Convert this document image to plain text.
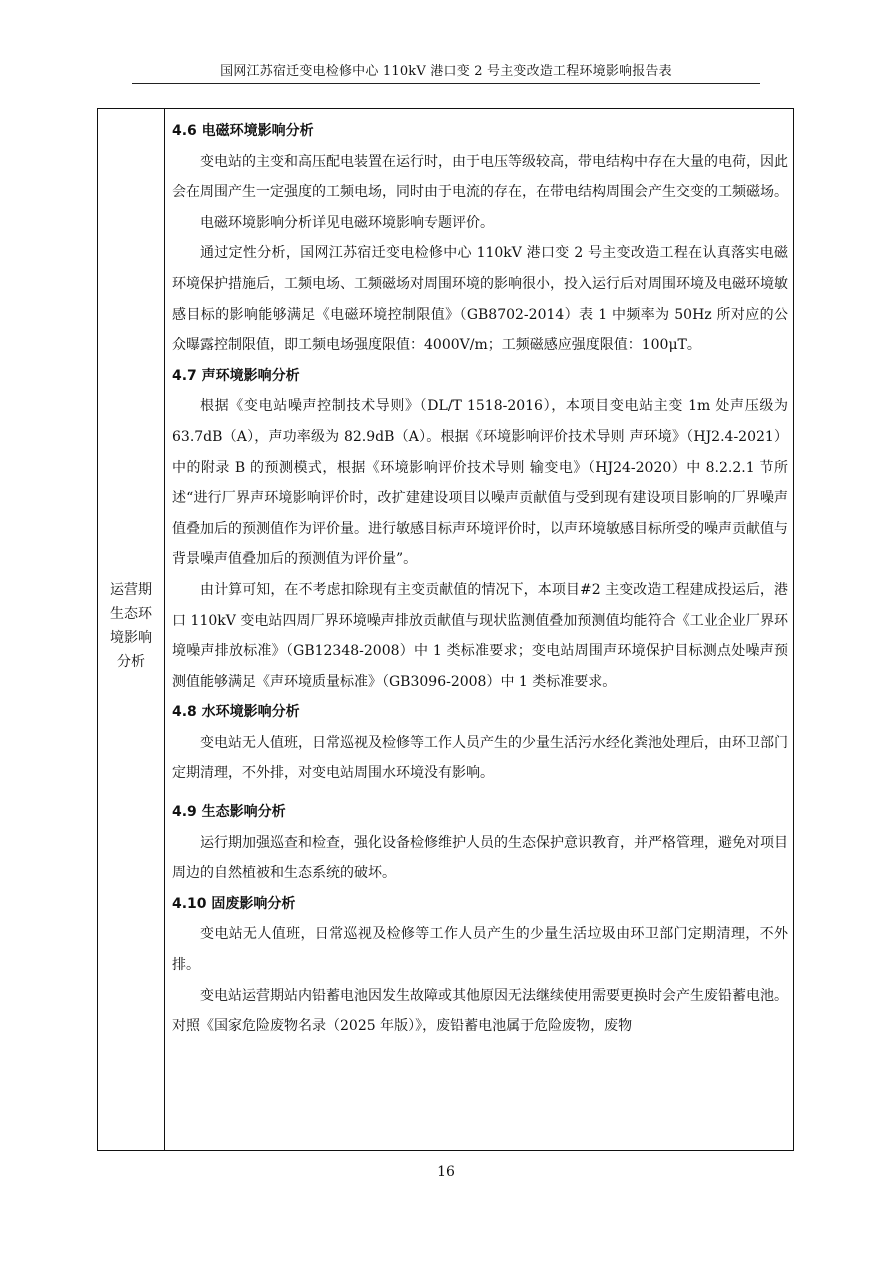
国网江苏宿迁变电检修中心 110kV 港口变 2 号主变改造工程环境影响报告表
运营期
生态环
境影响
分析
4.6 电磁环境影响分析

变电站的主变和高压配电装置在运行时，由于电压等级较高，带电结构中存在大量的电荷，因此会在周围产生一定强度的工频电场，同时由于电流的存在，在带电结构周围会产生交变的工频磁场。

电磁环境影响分析详见电磁环境影响专题评价。

通过定性分析，国网江苏宿迁变电检修中心 110kV 港口变 2 号主变改造工程在认真落实电磁环境保护措施后，工频电场、工频磁场对周围环境的影响很小，投入运行后对周围环境及电磁环境敏感目标的影响能够满足《电磁环境控制限值》（GB8702-2014）表 1 中频率为 50Hz 所对应的公众曝露控制限值，即工频电场强度限值：4000V/m；工频磁感应强度限值：100μT。

4.7 声环境影响分析

根据《变电站噪声控制技术导则》（DL/T 1518-2016），本项目变电站主变 1m 处声压级为 63.7dB（A），声功率级为 82.9dB（A）。根据《环境影响评价技术导则 声环境》（HJ2.4-2021）中的附录 B 的预测模式，根据《环境影响评价技术导则 输变电》（HJ24-2020）中 8.2.2.1 节所述“进行厂界声环境影响评价时，改扩建建设项目以噪声贡献值与受到现有建设项目影响的厂界噪声值叠加后的预测值作为评价量。进行敏感目标声环境评价时，以声环境敏感目标所受的噪声贡献值与背景噪声值叠加后的预测值为评价量”。

由计算可知，在不考虑扣除现有主变贡献值的情况下，本项目#2 主变改造工程建成投运后，港口 110kV 变电站四周厂界环境噪声排放贡献值与现状监测值叠加预测值均能符合《工业企业厂界环境噪声排放标准》（GB12348-2008）中 1 类标准要求；变电站周围声环境保护目标测点处噪声预测值能够满足《声环境质量标准》（GB3096-2008）中 1 类标准要求。

4.8 水环境影响分析

变电站无人值班，日常巡视及检修等工作人员产生的少量生活污水经化粪池处理后，由环卫部门定期清理，不外排，对变电站周围水环境没有影响。

4.9 生态影响分析

运行期加强巡查和检查，强化设备检修维护人员的生态保护意识教育，并严格管理，避免对项目周边的自然植被和生态系统的破坏。

4.10 固废影响分析

变电站无人值班，日常巡视及检修等工作人员产生的少量生活垃圾由环卫部门定期清理，不外排。

变电站运营期站内铅蓄电池因发生故障或其他原因无法继续使用需要更换时会产生废铅蓄电池。对照《国家危险废物名录（2025 年版）》，废铅蓄电池属于危险废物，废物

16
